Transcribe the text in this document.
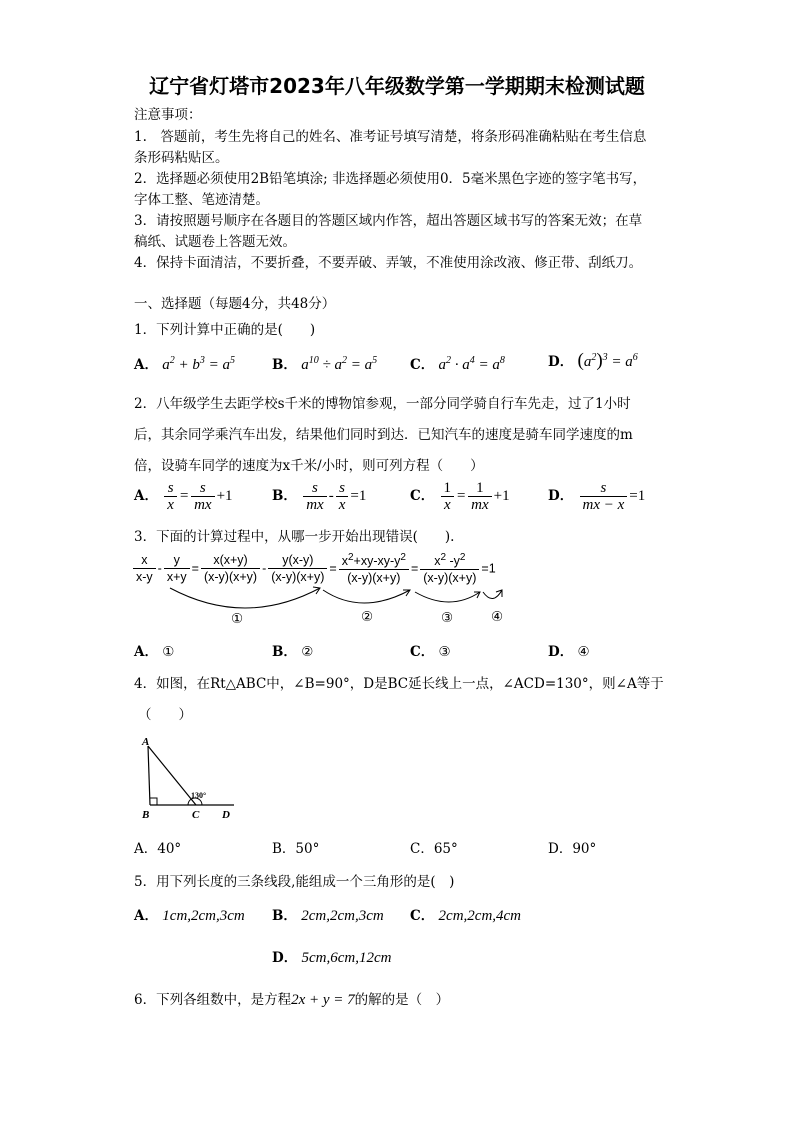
辽宁省灯塔市2023年八年级数学第一学期期末检测试题
注意事项：
1.　答题前，考生先将自己的姓名、准考证号填写清楚，将条形码准确粘贴在考生信息
条形码粘贴区。
2．选择题必须使用2B铅笔填涂; 非选择题必须使用0．5毫米黑色字迹的签字笔书写，
字体工整、笔迹清楚。
3．请按照题号顺序在各题目的答题区域内作答，超出答题区域书写的答案无效；在草
稿纸、试题卷上答题无效。
4．保持卡面清洁，不要折叠，不要弄破、弄皱，不准使用涂改液、修正带、刮纸刀。
一、选择题（每题4分，共48分）
1．下列计算中正确的是(　　)
A． $a^2 + b^3 = a^5$	B． $a^{10} \div a^2 = a^5$ C． $a^2 \cdot a^4 = a^8$	D． $(a^2)^3 = a^6$
2．八年级学生去距学校s千米的博物馆参观，一部分同学骑自行车先走，过了1小时
后，其余同学乘汽车出发，结果他们同时到达．已知汽车的速度是骑车同学速度的m
倍，设骑车同学的速度为x千米/小时，则可列方程（　　）
A． $\frac{s}{x} = \frac{s}{mx} +1$	B． $\frac{s}{mx} - \frac{s}{x} =1$	C． $\frac{1}{x} = \frac{1}{mx} +1$	D． $\frac{s}{mx - x} =1$
3．下面的计算过程中，从哪一步开始出现错误(　　).
$\frac{x}{x-y} - \frac{y}{x+y} = \frac{x(x+y)}{(x-y)(x+y)} - \frac{y(x-y)}{(x-y)(x+y)} = \frac{x^2+xy-xy-y^2}{(x-y)(x+y)} = \frac{x^2 -y^2}{(x-y)(x+y)} =1$
①	②	③	④
A． ①	B． ②	C． ③	D． ④
4．如图，在Rt△ABC中，∠B=90°，D是BC延长线上一点，∠ACD=130°，则∠A等于
（　　）
A
B	C D
130°
A．40°	B．50°	C．65°	D．90°
5．用下列长度的三条线段,能组成一个三角形的是(　)
A． 1cm,2cm,3cm B． 2cm,2cm,3cm C． 2cm,2cm,4cm
D． 5cm,6cm,12cm
6．下列各组数中，是方程2x + y = 7的解的是（　）
